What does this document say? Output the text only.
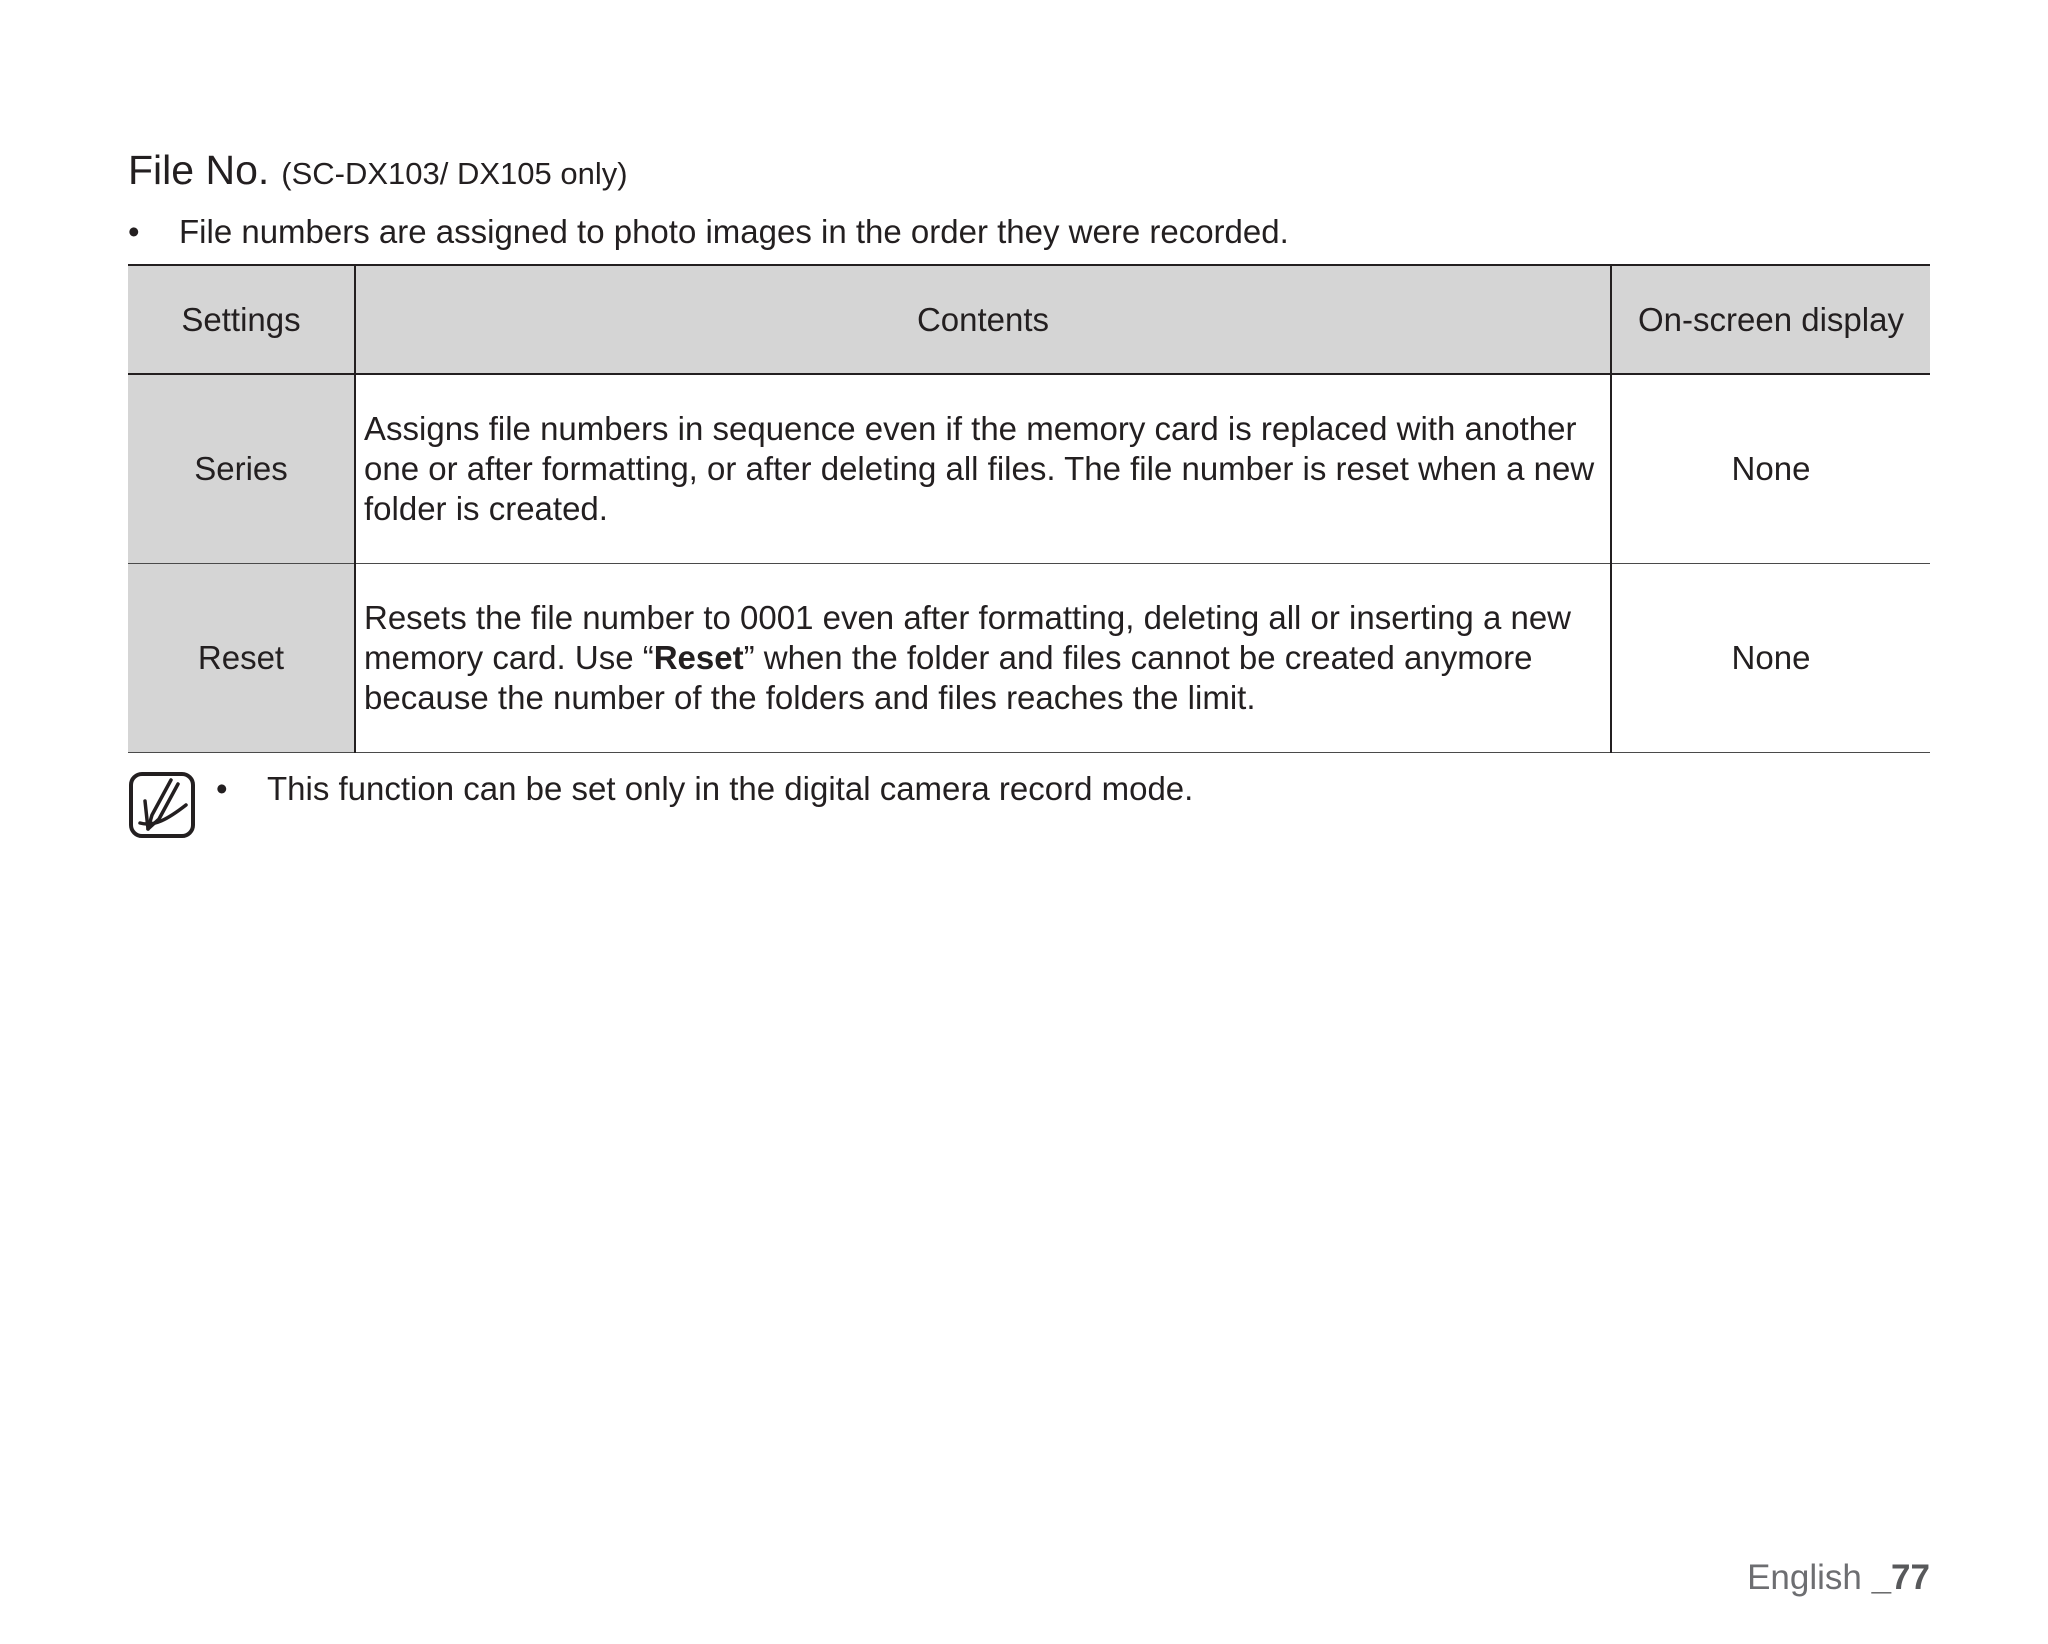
File No. (SC-DX103/ DX105 only)
• File numbers are assigned to photo images in the order they were recorded.
Settings	Contents	On-screen display
Series	Assigns file numbers in sequence even if the memory card is replaced with another one or after formatting, or after deleting all files. The file number is reset when a new folder is created.	None
Reset	Resets the file number to 0001 even after formatting, deleting all or inserting a new memory card. Use “Reset” when the folder and files cannot be created anymore because the number of the folders and files reaches the limit.	None
• This function can be set only in the digital camera record mode.
English _77
